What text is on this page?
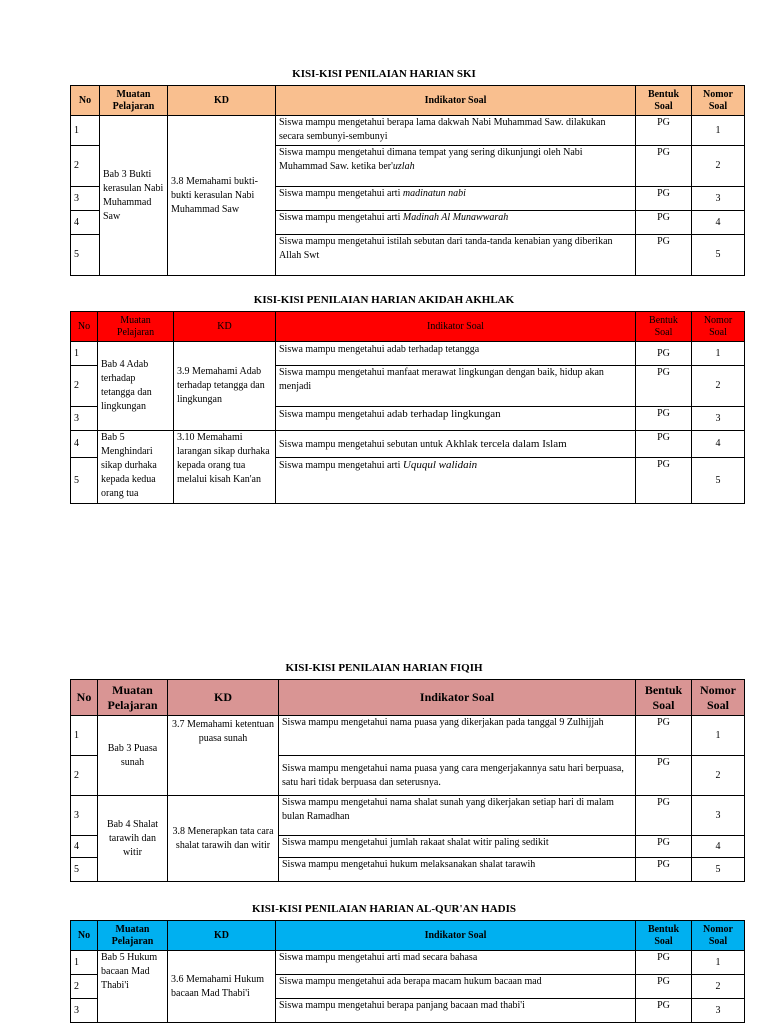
KISI-KISI PENILAIAN HARIAN SKI
No	Muatan Pelajaran	KD	Indikator Soal	Bentuk Soal	Nomor Soal
1	Bab 3 Bukti kerasulan Nabi Muhammad Saw	3.8 Memahami bukti-bukti kerasulan Nabi Muhammad Saw	Siswa mampu mengetahui berapa lama dakwah Nabi Muhammad Saw. dilakukan secara sembunyi-sembunyi	PG	1
2			Siswa mampu mengetahui dimana tempat yang sering dikunjungi oleh Nabi Muhammad Saw. ketika ber'uzlah	PG	2
3			Siswa mampu mengetahui arti madinatun nabi	PG	3
4			Siswa mampu mengetahui arti Madinah Al Munawwarah	PG	4
5			Siswa mampu mengetahui istilah sebutan dari tanda-tanda kenabian yang diberikan Allah Swt	PG	5
KISI-KISI PENILAIAN HARIAN AKIDAH AKHLAK
No	Muatan Pelajaran	KD	Indikator Soal	Bentuk Soal	Nomor Soal
1	Bab 4 Adab terhadap tetangga dan lingkungan	3.9 Memahami Adab terhadap tetangga dan lingkungan	Siswa mampu mengetahui adab terhadap tetangga	PG	1
2			Siswa mampu mengetahui manfaat merawat lingkungan dengan baik, hidup akan menjadi	PG	2
3			Siswa mampu mengetahui adab terhadap lingkungan	PG	3
4	Bab 5 Menghindari sikap durhaka kepada kedua orang tua	3.10 Memahami larangan sikap durhaka kepada orang tua melalui kisah Kan'an	Siswa mampu mengetahui sebutan untuk Akhlak tercela dalam Islam	PG	4
5			Siswa mampu mengetahui arti Uququl walidain	PG	5
KISI-KISI PENILAIAN HARIAN FIQIH
No	Muatan Pelajaran	KD	Indikator Soal	Bentuk Soal	Nomor Soal
1	Bab 3 Puasa sunah	3.7 Memahami ketentuan puasa sunah	Siswa mampu mengetahui nama puasa yang dikerjakan pada tanggal 9 Zulhijjah	PG	1
2			Siswa mampu mengetahui nama puasa yang cara mengerjakannya satu hari berpuasa, satu hari tidak berpuasa dan seterusnya.	PG	2
3	Bab 4 Shalat tarawih dan witir	3.8 Menerapkan tata cara shalat tarawih dan witir	Siswa mampu mengetahui nama shalat sunah yang dikerjakan setiap hari di malam bulan Ramadhan	PG	3
4			Siswa mampu mengetahui jumlah rakaat shalat witir paling sedikit	PG	4
5			Siswa mampu mengetahui hukum melaksanakan shalat tarawih	PG	5
KISI-KISI PENILAIAN HARIAN AL-QUR'AN HADIS
No	Muatan Pelajaran	KD	Indikator Soal	Bentuk Soal	Nomor Soal
1	Bab 5 Hukum bacaan Mad Thabi'i	3.6 Memahami Hukum bacaan Mad Thabi'i	Siswa mampu mengetahui arti mad secara bahasa	PG	1
2			Siswa mampu mengetahui ada berapa macam hukum bacaan mad	PG	2
3			Siswa mampu mengetahui berapa panjang bacaan mad thabi'i	PG	3
